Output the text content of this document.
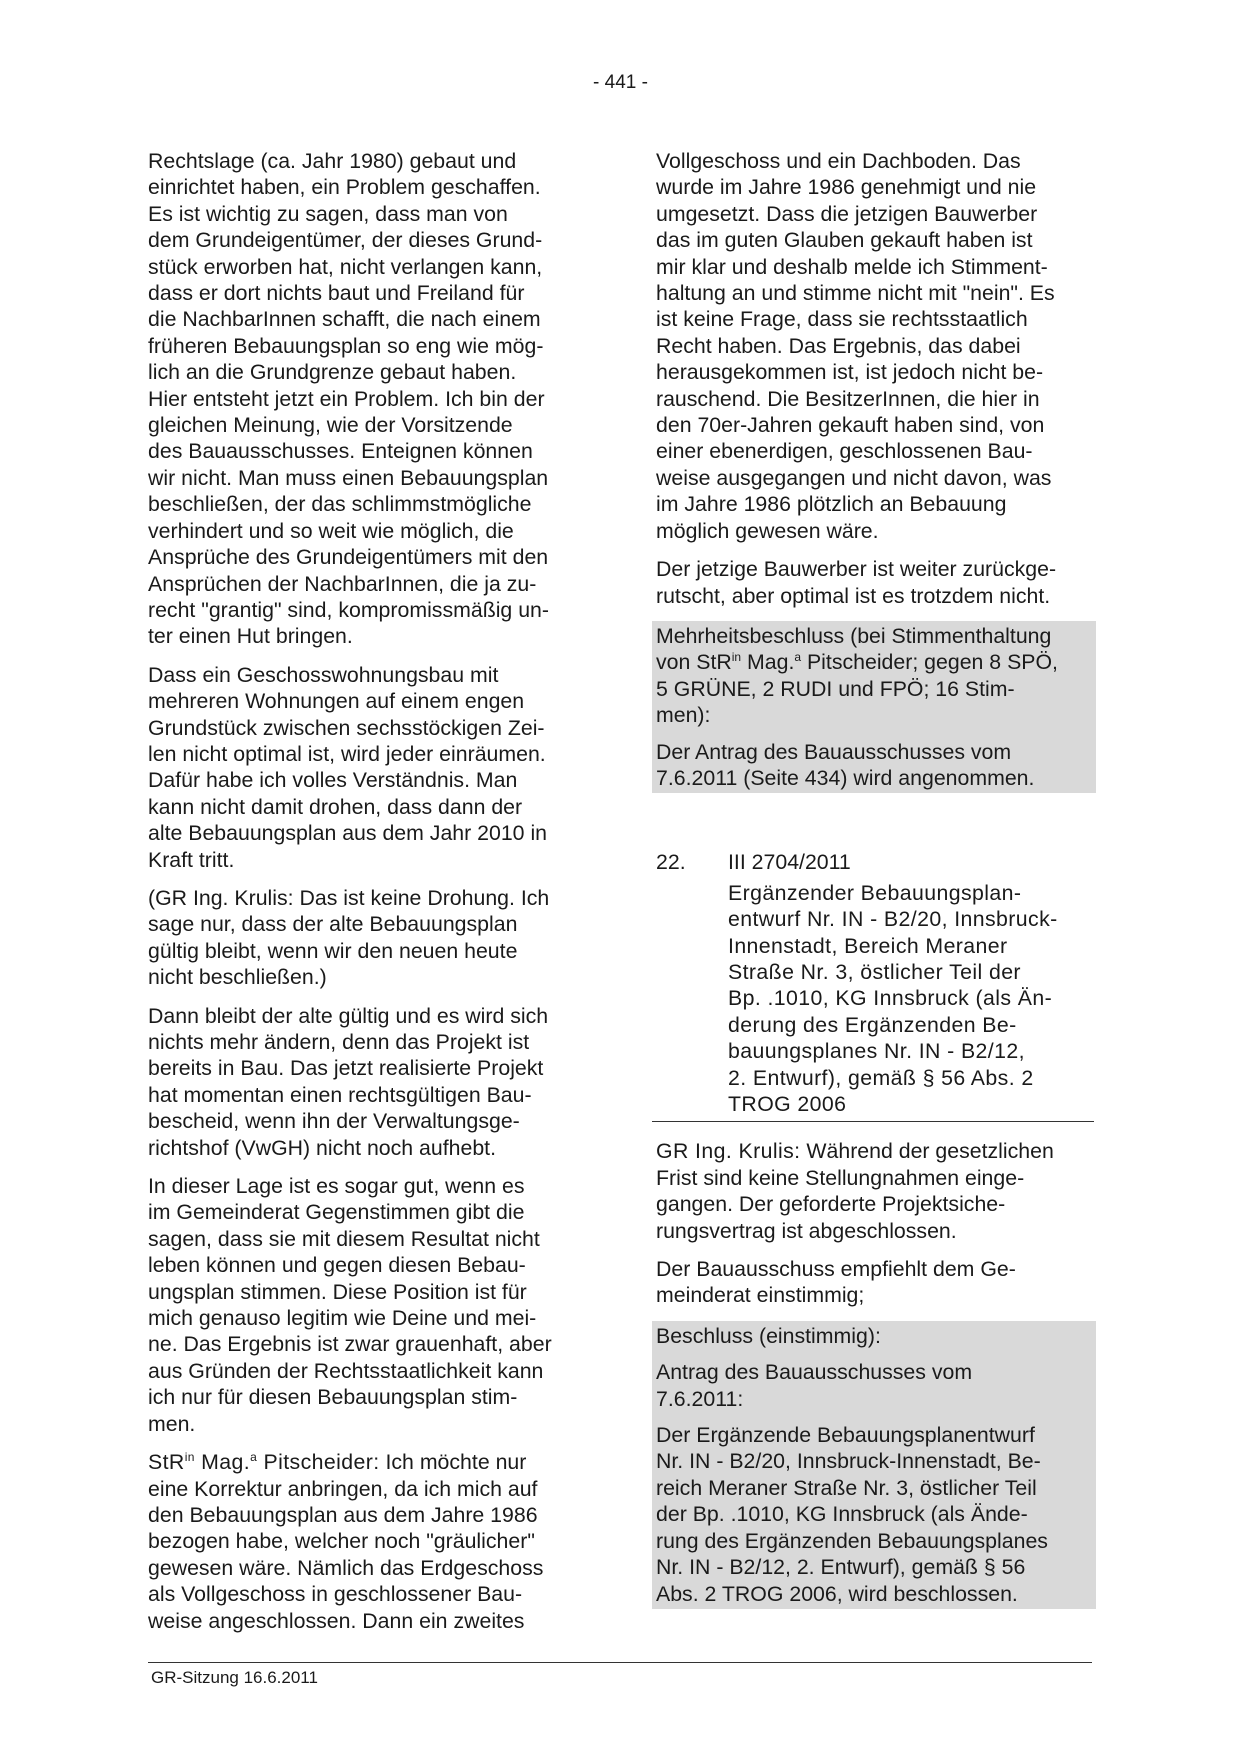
- 441 -

Rechtslage (ca. Jahr 1980) gebaut und
einrichtet haben, ein Problem geschaffen.
Es ist wichtig zu sagen, dass man von
dem Grundeigentümer, der dieses Grund-
stück erworben hat, nicht verlangen kann,
dass er dort nichts baut und Freiland für
die NachbarInnen schafft, die nach einem
früheren Bebauungsplan so eng wie mög-
lich an die Grundgrenze gebaut haben.
Hier entsteht jetzt ein Problem. Ich bin der
gleichen Meinung, wie der Vorsitzende
des Bauausschusses. Enteignen können
wir nicht. Man muss einen Bebauungsplan
beschließen, der das schlimmstmögliche
verhindert und so weit wie möglich, die
Ansprüche des Grundeigentümers mit den
Ansprüchen der NachbarInnen, die ja zu-
recht "grantig" sind, kompromissmäßig un-
ter einen Hut bringen.

Dass ein Geschosswohnungsbau mit
mehreren Wohnungen auf einem engen
Grundstück zwischen sechsstöckigen Zei-
len nicht optimal ist, wird jeder einräumen.
Dafür habe ich volles Verständnis. Man
kann nicht damit drohen, dass dann der
alte Bebauungsplan aus dem Jahr 2010 in
Kraft tritt.

(GR Ing. Krulis: Das ist keine Drohung. Ich
sage nur, dass der alte Bebauungsplan
gültig bleibt, wenn wir den neuen heute
nicht beschließen.)

Dann bleibt der alte gültig und es wird sich
nichts mehr ändern, denn das Projekt ist
bereits in Bau. Das jetzt realisierte Projekt
hat momentan einen rechtsgültigen Bau-
bescheid, wenn ihn der Verwaltungsge-
richtshof (VwGH) nicht noch aufhebt.

In dieser Lage ist es sogar gut, wenn es
im Gemeinderat Gegenstimmen gibt die
sagen, dass sie mit diesem Resultat nicht
leben können und gegen diesen Bebau-
ungsplan stimmen. Diese Position ist für
mich genauso legitim wie Deine und mei-
ne. Das Ergebnis ist zwar grauenhaft, aber
aus Gründen der Rechtsstaatlichkeit kann
ich nur für diesen Bebauungsplan stim-
men.

StR$^{in}$ Mag.$^a$ Pitscheider: Ich möchte nur
eine Korrektur anbringen, da ich mich auf
den Bebauungsplan aus dem Jahre 1986
bezogen habe, welcher noch "gräulicher"
gewesen wäre. Nämlich das Erdgeschoss
als Vollgeschoss in geschlossener Bau-
weise angeschlossen. Dann ein zweites

Vollgeschoss und ein Dachboden. Das
wurde im Jahre 1986 genehmigt und nie
umgesetzt. Dass die jetzigen Bauwerber
das im guten Glauben gekauft haben ist
mir klar und deshalb melde ich Stimment-
haltung an und stimme nicht mit "nein". Es
ist keine Frage, dass sie rechtsstaatlich
Recht haben. Das Ergebnis, das dabei
herausgekommen ist, ist jedoch nicht be-
rauschend. Die BesitzerInnen, die hier in
den 70er-Jahren gekauft haben sind, von
einer ebenerdigen, geschlossenen Bau-
weise ausgegangen und nicht davon, was
im Jahre 1986 plötzlich an Bebauung
möglich gewesen wäre.

Der jetzige Bauwerber ist weiter zurückge-
rutscht, aber optimal ist es trotzdem nicht.

Mehrheitsbeschluss (bei Stimmenthaltung
von StR$^{in}$ Mag.$^a$ Pitscheider; gegen 8 SPÖ,
5 GRÜNE, 2 RUDI und FPÖ; 16 Stim-
men):

Der Antrag des Bauausschusses vom
7.6.2011 (Seite 434) wird angenommen.

22.	III 2704/2011
Ergänzender Bebauungsplan-
entwurf Nr. IN - B2/20, Innsbruck-
Innenstadt, Bereich Meraner
Straße Nr. 3, östlicher Teil der
Bp. .1010, KG Innsbruck (als Än-
derung des Ergänzenden Be-
bauungsplanes Nr. IN - B2/12,
2. Entwurf), gemäß § 56 Abs. 2
TROG 2006

GR Ing. Krulis: Während der gesetzlichen
Frist sind keine Stellungnahmen einge-
gangen. Der geforderte Projektsiche-
rungsvertrag ist abgeschlossen.

Der Bauausschuss empfiehlt dem Ge-
meinderat einstimmig;

Beschluss (einstimmig):

Antrag des Bauausschusses vom
7.6.2011:

Der Ergänzende Bebauungsplanentwurf
Nr. IN - B2/20, Innsbruck-Innenstadt, Be-
reich Meraner Straße Nr. 3, östlicher Teil
der Bp. .1010, KG Innsbruck (als Ände-
rung des Ergänzenden Bebauungsplanes
Nr. IN - B2/12, 2. Entwurf), gemäß § 56
Abs. 2 TROG 2006, wird beschlossen.

GR-Sitzung 16.6.2011
